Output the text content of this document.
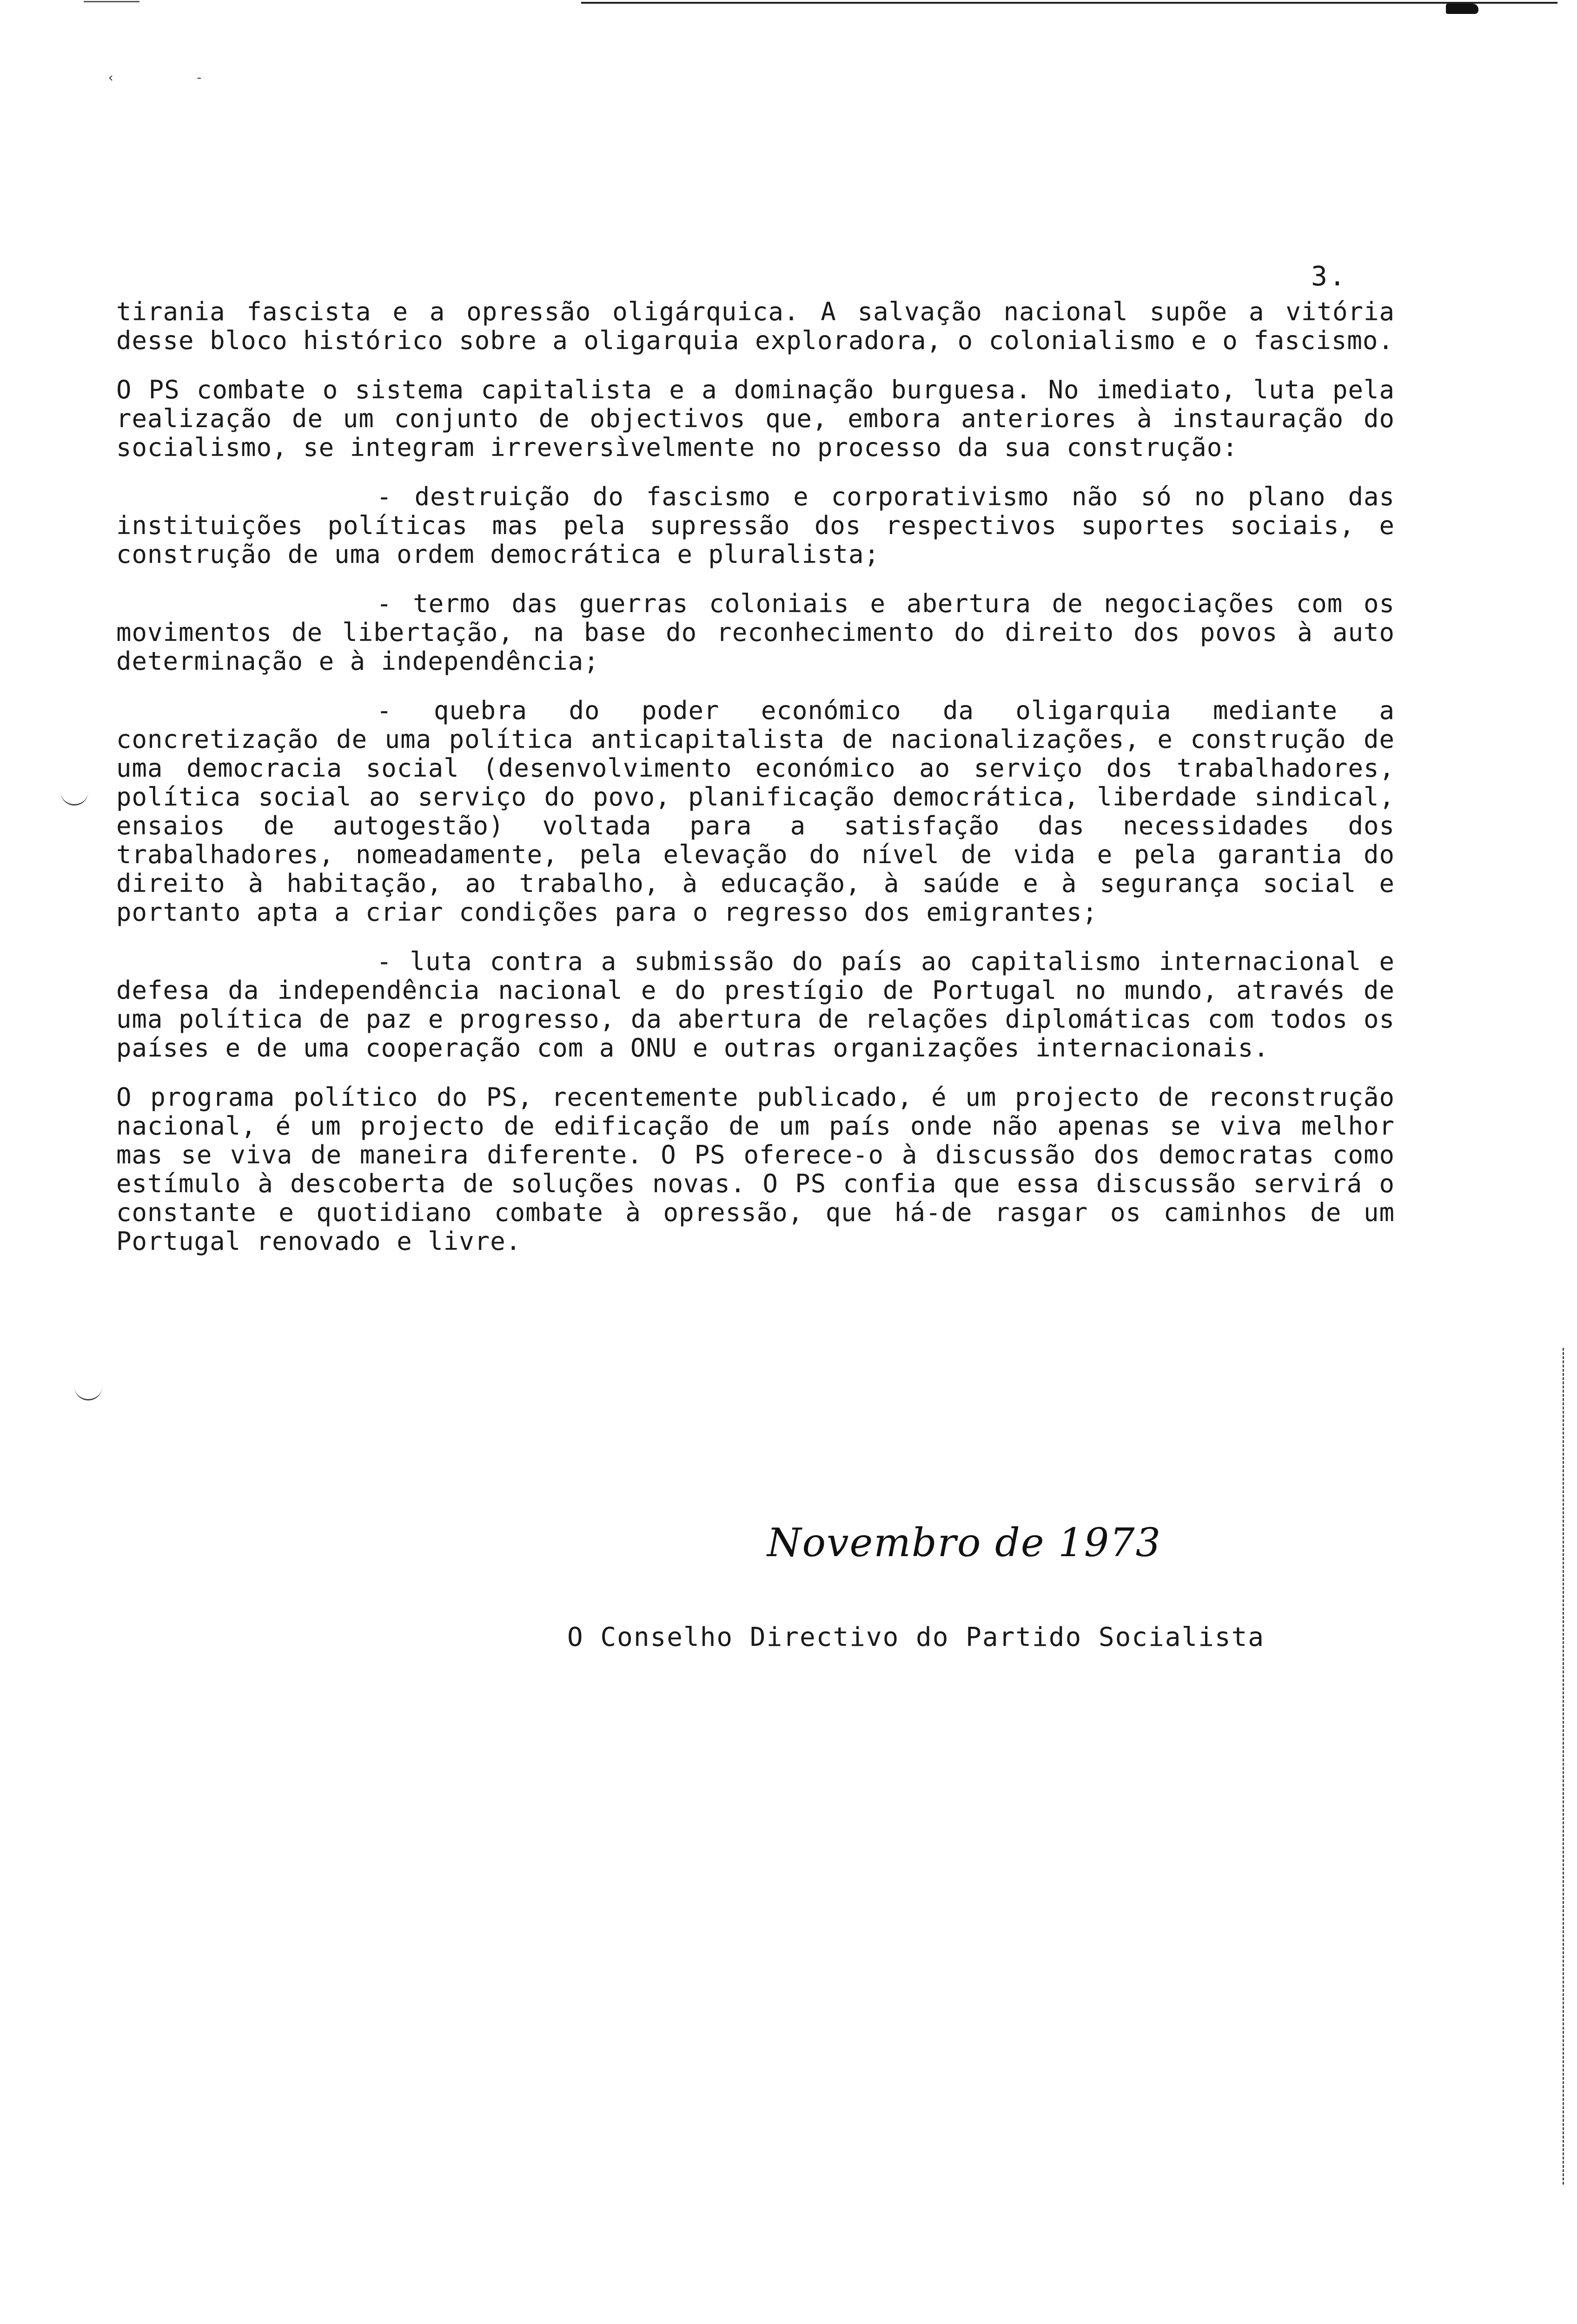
‹	-
3.

tirania fascista e a opressão oligárquica. A salvação nacional supõe a vitória desse bloco histórico sobre a oligarquia exploradora, o colonialismo e o fascismo.

O PS combate o sistema capitalista e a dominação burguesa. No imediato, luta pela realização de um conjunto de objectivos que, embora anteriores à instauração do socialismo, se integram irreversìvelmente no processo da sua construção:

- destruição do fascismo e corporativismo não só no plano das instituições políticas mas pela supressão dos respectivos suportes sociais, e construção de uma ordem democrática e pluralista;

- termo das guerras coloniais e abertura de negociações com os movimentos de libertação, na base do reconhecimento do direito dos povos à auto determinação e à independência;

- quebra do poder económico da oligarquia mediante a concretização de uma política anticapitalista de nacionalizações, e construção de uma democracia social (desenvolvimento económico ao serviço dos trabalhadores, política social ao serviço do povo, planificação democrática, liberdade sindical, ensaios de autogestão) voltada para a satisfação das necessidades dos trabalhadores, nomeadamente, pela elevação do nível de vida e pela garantia do direito à habitação, ao trabalho, à educação, à saúde e à segurança social e portanto apta a criar condições para o regresso dos emigrantes;

- luta contra a submissão do país ao capitalismo internacional e defesa da independência nacional e do prestígio de Portugal no mundo, através de uma política de paz e progresso, da abertura de relações diplomáticas com todos os países e de uma cooperação com a ONU e outras organizações internacionais.

O programa político do PS, recentemente publicado, é um projecto de reconstrução nacional, é um projecto de edificação de um país onde não apenas se viva melhor mas se viva de maneira diferente. O PS oferece-o à discussão dos democratas como estímulo à descoberta de soluções novas. O PS confia que essa discussão servirá o constante e quotidiano combate à opressão, que há-de rasgar os caminhos de um Portugal renovado e livre.

Novembro de 1973
O Conselho Directivo do Partido Socialista
